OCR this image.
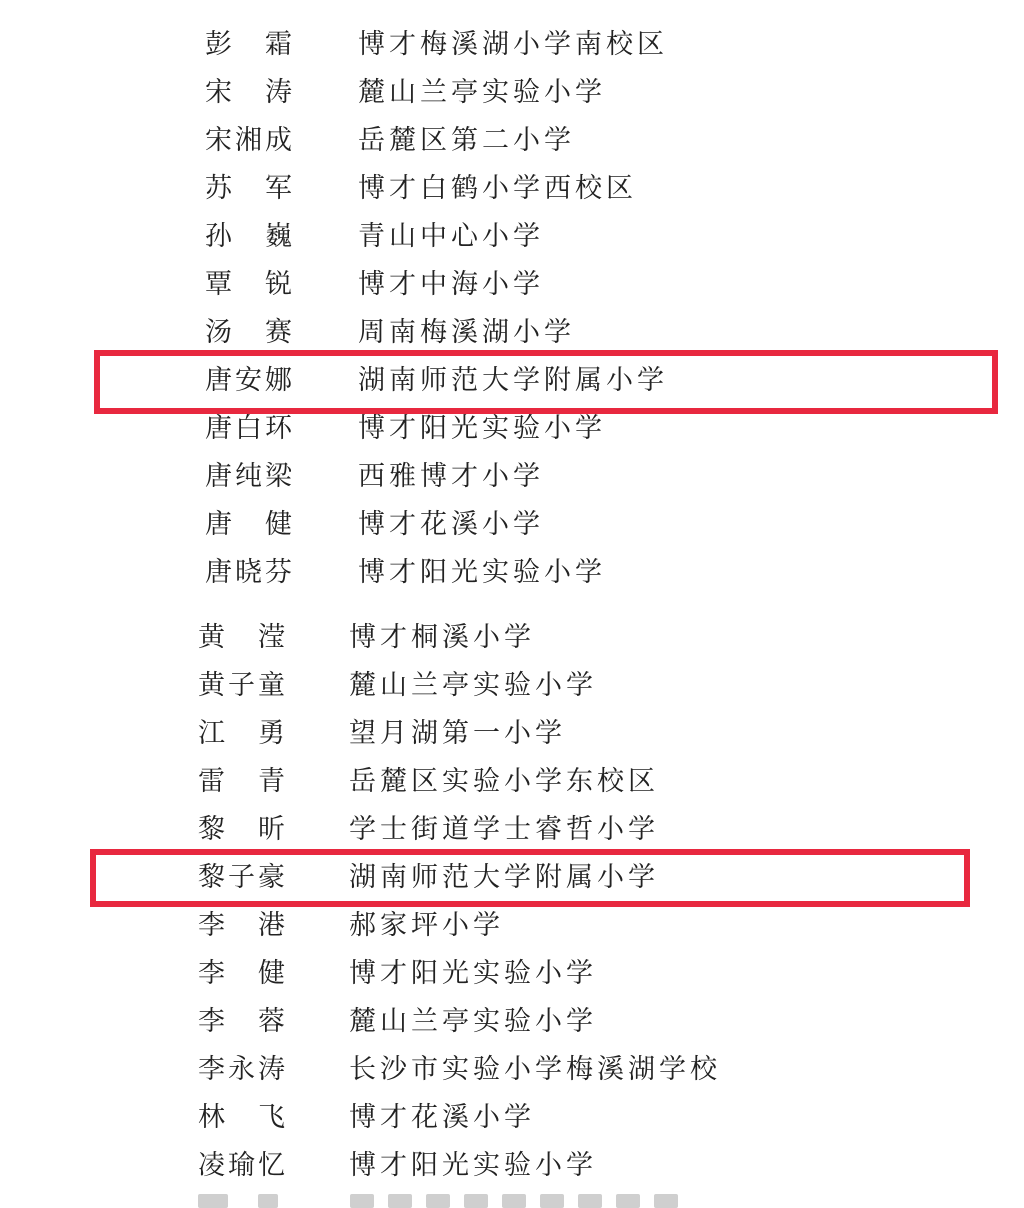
彭　霜 博才梅溪湖小学南校区
宋　涛 麓山兰亭实验小学
宋湘成 岳麓区第二小学
苏　军 博才白鹤小学西校区
孙　巍 青山中心小学
覃　锐 博才中海小学
汤　赛 周南梅溪湖小学
唐安娜 湖南师范大学附属小学
唐白环 博才阳光实验小学
唐纯梁 西雅博才小学
唐　健 博才花溪小学
唐晓芬 博才阳光实验小学
黄　滢 博才桐溪小学
黄子童 麓山兰亭实验小学
江　勇 望月湖第一小学
雷　青 岳麓区实验小学东校区
黎　昕 学士街道学士睿哲小学
黎子豪 湖南师范大学附属小学
李　港 郝家坪小学
李　健 博才阳光实验小学
李　蓉 麓山兰亭实验小学
李永涛 长沙市实验小学梅溪湖学校
林　飞 博才花溪小学
凌瑜忆 博才阳光实验小学
